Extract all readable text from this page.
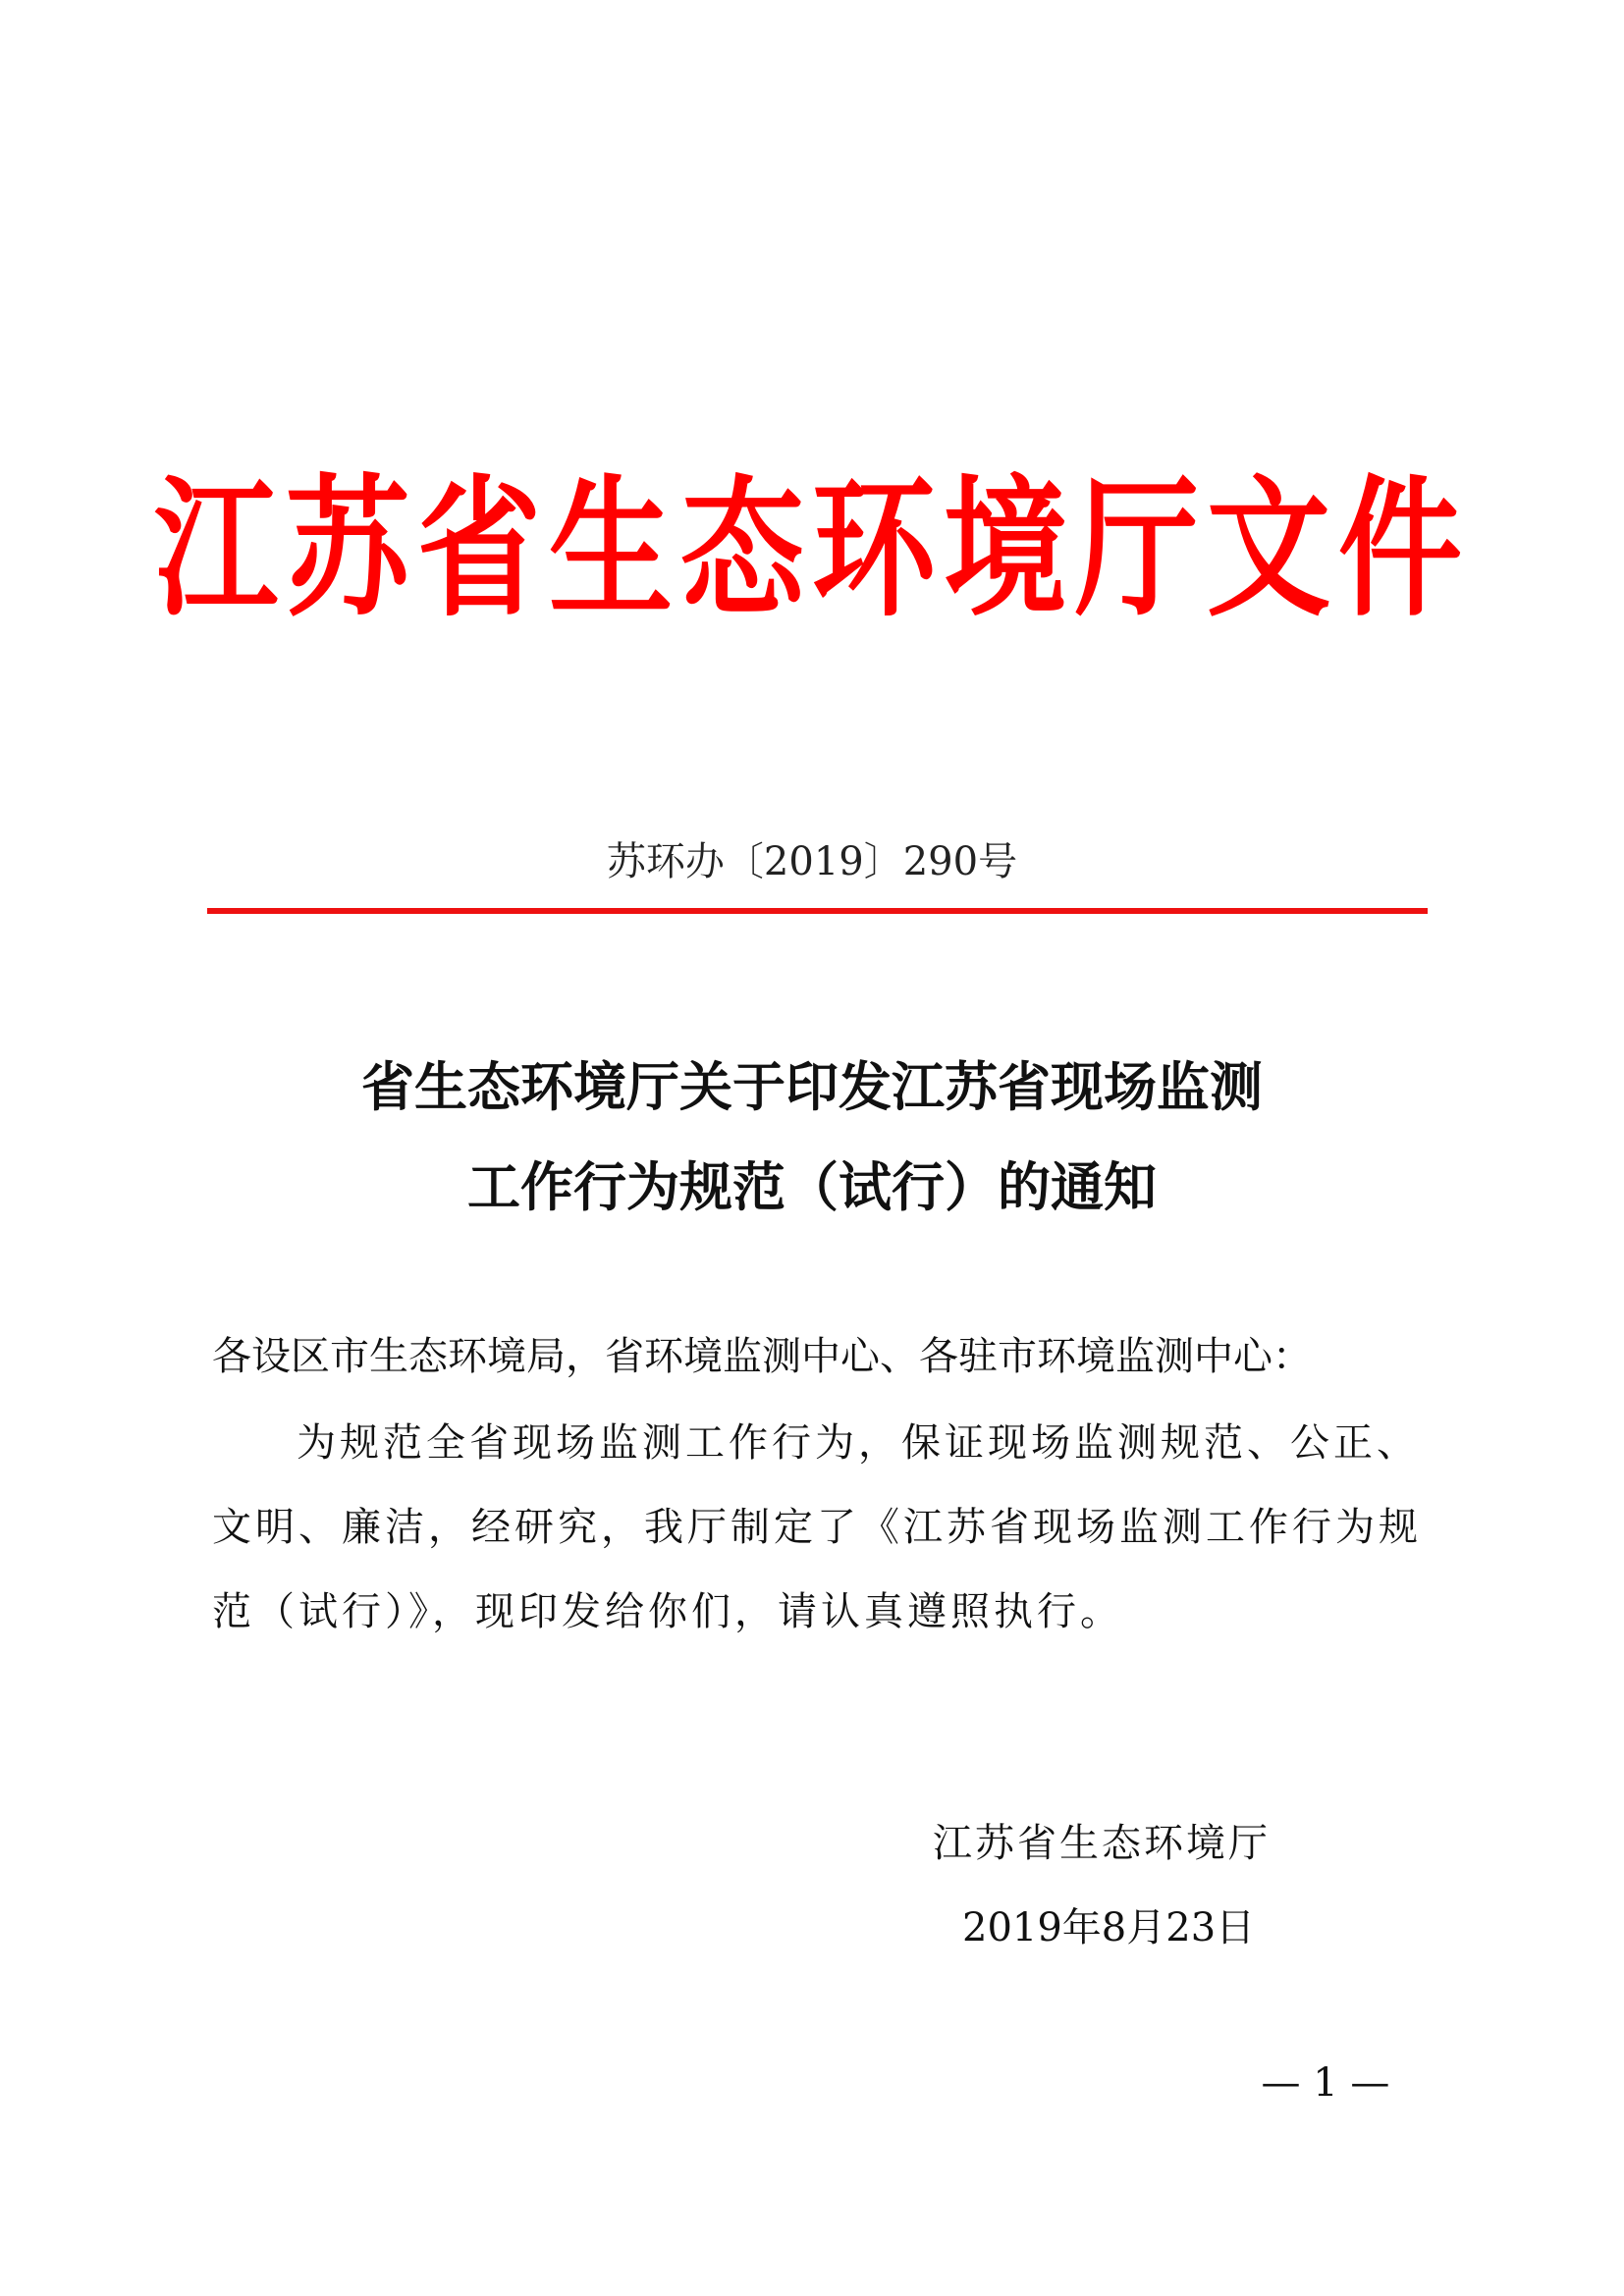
江苏省生态环境厅文件
苏环办〔2019〕290号
省生态环境厅关于印发江苏省现场监测
工作行为规范（试行）的通知
各设区市生态环境局，省环境监测中心、各驻市环境监测中心：
为规范全省现场监测工作行为，保证现场监测规范、公正、
文明、廉洁，经研究，我厅制定了《江苏省现场监测工作行为规
范（试行）》，现印发给你们，请认真遵照执行。
江苏省生态环境厅
2019年8月23日
— 1 —
